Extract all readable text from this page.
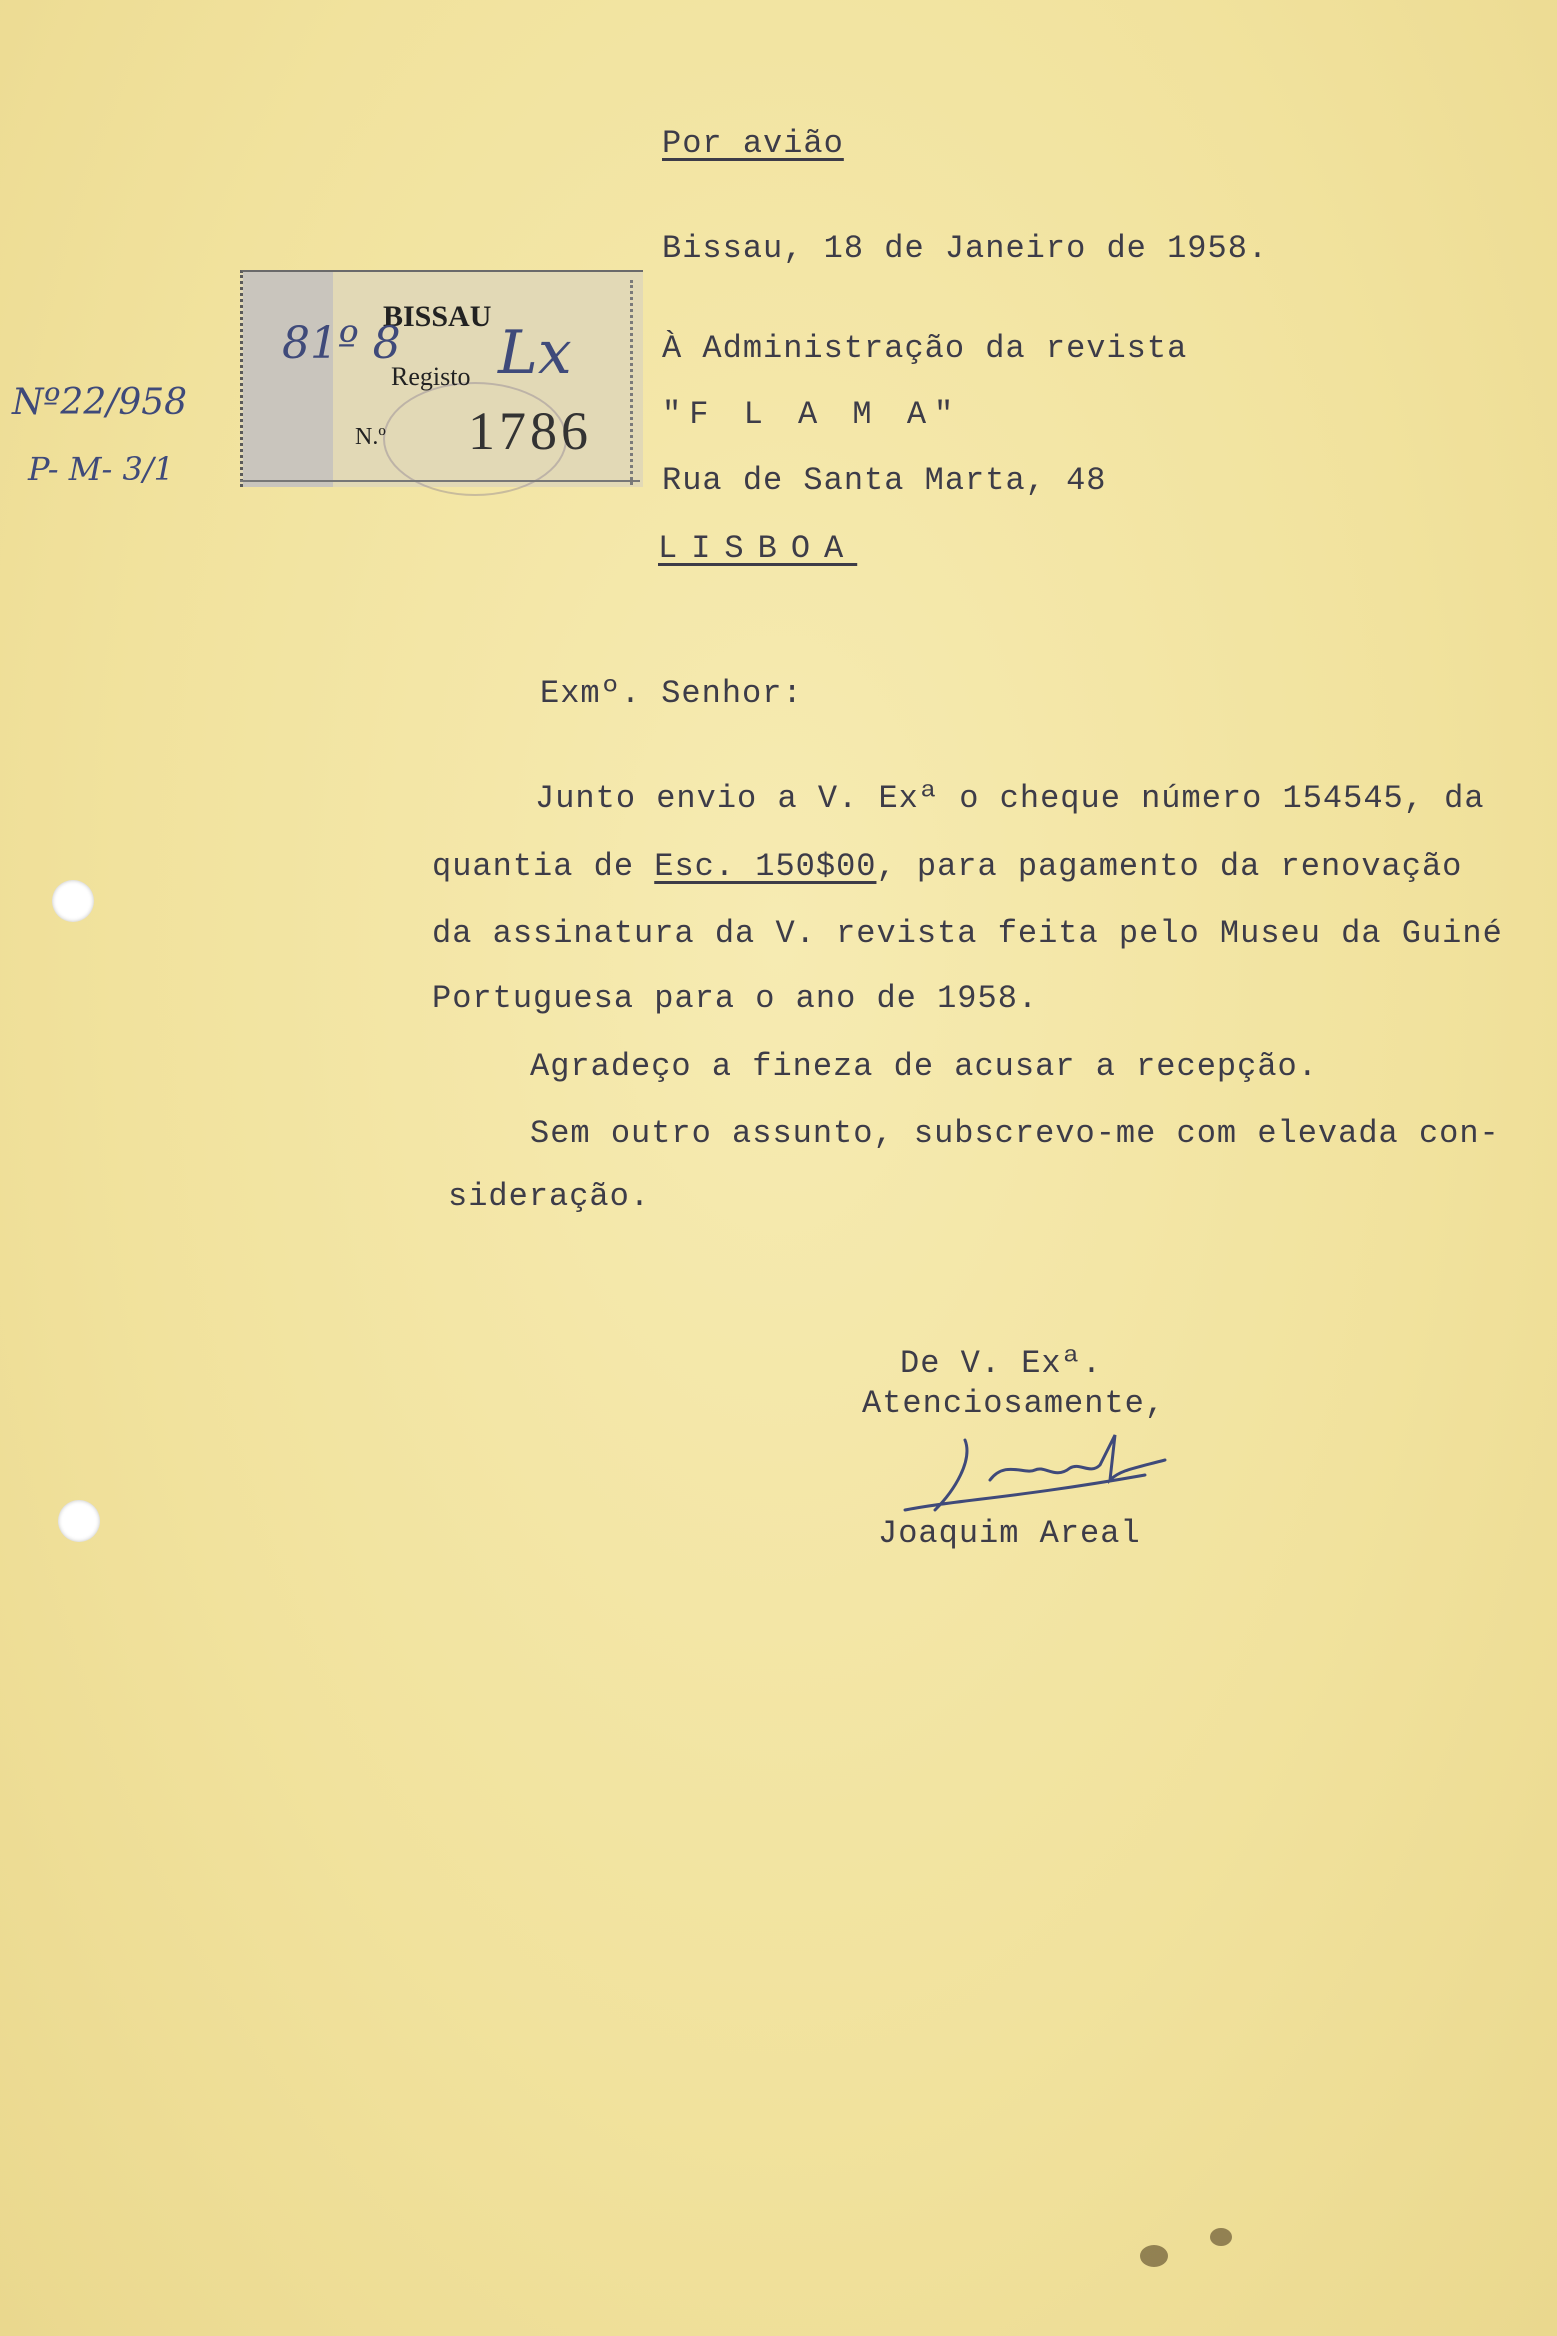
Por avião
Bissau, 18 de Janeiro de 1958.
BISSAU
Registo
N.º 1786
81º 8 Lx
Nº22/958
P- M- 3/1
À Administração da revista
"F L A M A"
Rua de Santa Marta, 48
LISBOA
Exmº. Senhor:
Junto envio a V. Exª o cheque número 154545, da
quantia de Esc. 150$00, para pagamento da renovação
da assinatura da V. revista feita pelo Museu da Guiné
Portuguesa para o ano de 1958.
Agradeço a fineza de acusar a recepção.
Sem outro assunto, subscrevo-me com elevada con-
sideração.
De V. Exª.
Atenciosamente,
Joaquim Areal
